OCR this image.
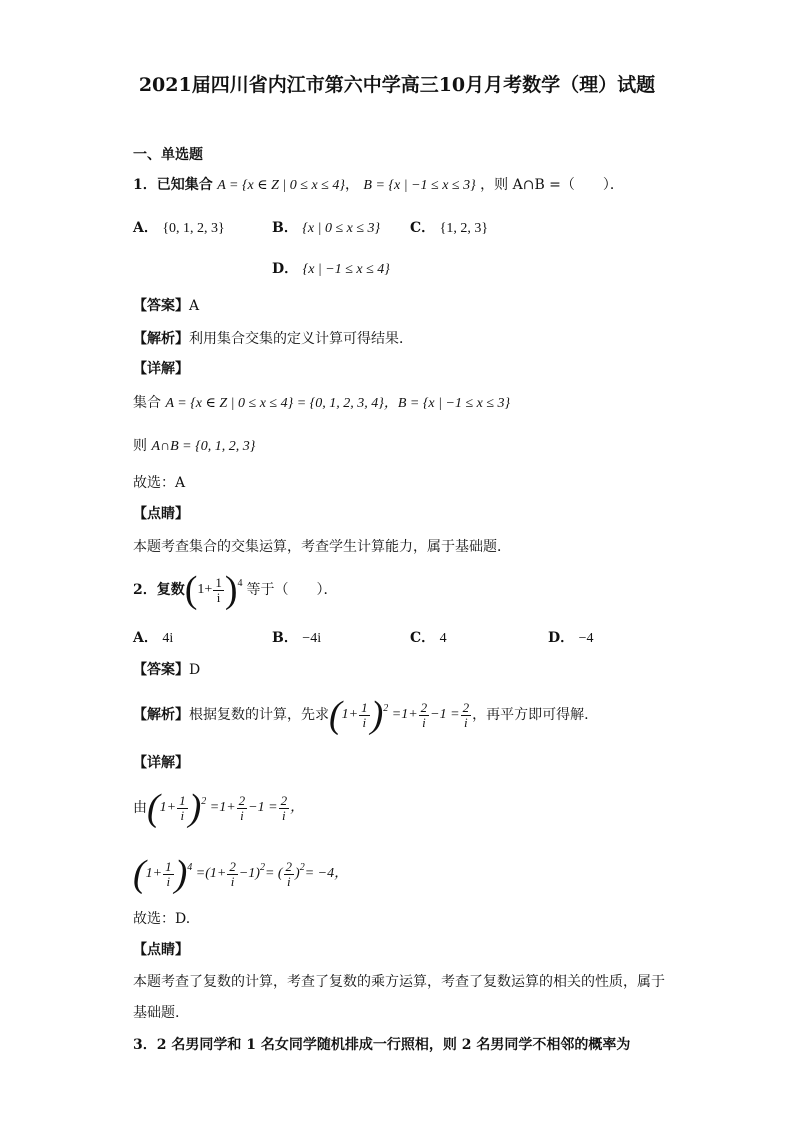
2021届四川省内江市第六中学高三10月月考数学（理）试题
一、单选题
1．已知集合 A = {x ∈ Z | 0 ≤ x ≤ 4}， B = {x | −1 ≤ x ≤ 3} ，则 A∩B =（　　）．
A． {0, 1, 2, 3}	B． {x | 0 ≤ x ≤ 3} C． {1, 2, 3}
D． {x | −1 ≤ x ≤ 4}
【答案】A
【解析】利用集合交集的定义计算可得结果．
【详解】
集合 A = {x ∈ Z | 0 ≤ x ≤ 4} = {0, 1, 2, 3, 4}，B = {x | −1 ≤ x ≤ 3}
则 A∩B = {0, 1, 2, 3}
故选：A
【点睛】
本题考查集合的交集运算，考查学生计算能力，属于基础题．
2．复数 ( $1+ \frac{1}{i}$ ) 4 等于（　　）．
A． 4i	B． −4i	C． 4	D． −4
【答案】D
【解析】 根据复数的计算，先求 ( $1+ \frac{1}{i}$ ) $2 =1+ \frac{2}{i} -1 = \frac{2}{i}$ ，再平方即可得解.
【详解】
由 ( $1+ \frac{1}{i}$ ) $2 =1+ \frac{2}{i} -1 = \frac{2}{i}$ ，
( $1+ \frac{1}{i}$ ) $4 =(1+ \frac{2}{i} -1)$ 2 = ( $\frac{2}{i}$ ) 2 = −4，
故选：D.
【点睛】
本题考查了复数的计算，考查了复数的乘方运算，考查了复数运算的相关的性质，属于
基础题.
3．2 名男同学和 1 名女同学随机排成一行照相，则 2 名男同学不相邻的概率为
